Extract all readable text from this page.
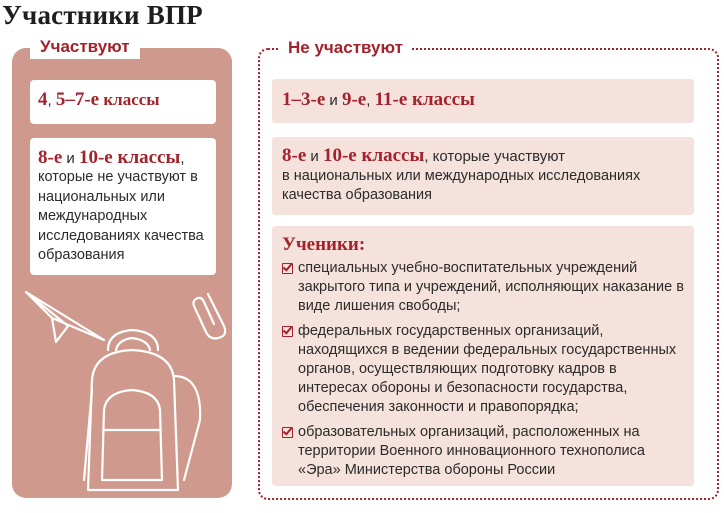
Участники ВПР
Участвуют
4, 5–7-е классы
8-е и 10-е классы,
которые не участвуют в национальных или международных исследованиях качества образования
Не участвуют
1–3-е и 9-е, 11-е классы
8-е и 10-е классы, которые участвуют
в национальных или международных исследованиях качества образования
Ученики:
специальных учебно-воспитательных учреждений закрытого типа и учреждений, исполняющих наказание в виде лишения свободы;
федеральных государственных организаций, находящихся в ведении федеральных государственных органов, осуществляющих подготовку кадров в интересах обороны и безопасности государства, обеспечения законности и правопорядка;
образовательных организаций, расположенных на территории Военного инновационного технополиса «Эра» Министерства обороны России
